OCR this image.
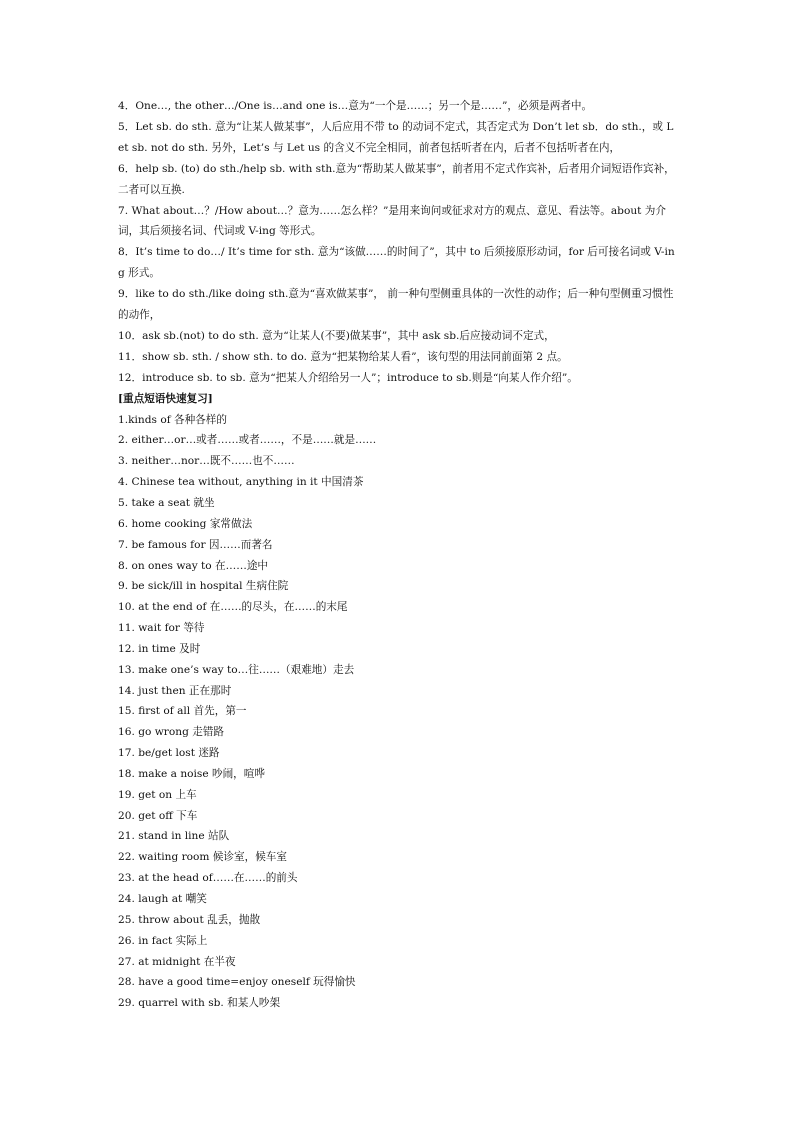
4．One…, the other…/One is…and one is…意为“一个是……；另一个是……”，必须是两者中。

5．Let sb. do sth. 意为“让某人做某事”，人后应用不带 to 的动词不定式，其否定式为 Don’t let sb．do sth.，或 Let sb. not do sth. 另外，Let’s 与 Let us 的含义不完全相同，前者包括听者在内，后者不包括听者在内，

6．help sb. (to) do sth./help sb. with sth.意为“帮助某人做某事”，前者用不定式作宾补，后者用介词短语作宾补，二者可以互换.

7. What about…？/How about…？意为……怎么样？”是用来询问或征求对方的观点、意见、看法等。about 为介词，其后须接名词、代词或 V-ing 等形式。

8．It’s time to do…/ It’s time for sth. 意为“该做……的时间了”，其中 to 后须接原形动词，for 后可接名词或 V-ing 形式。

9．like to do sth./like doing sth.意为“喜欢做某事”， 前一种句型侧重具体的一次性的动作；后一种句型侧重习惯性的动作，

10．ask sb.(not) to do sth. 意为“让某人(不要)做某事”，其中 ask sb.后应接动词不定式，

11．show sb. sth. / show sth. to do. 意为“把某物给某人看”，该句型的用法同前面第 2 点。

12．introduce sb. to sb. 意为“把某人介绍给另一人”；introduce to sb.则是“向某人作介绍”。

[重点短语快速复习]

1.kinds of 各种各样的

2. either…or…或者……或者……，不是……就是……

3. neither…nor…既不……也不……

4. Chinese tea without, anything in it 中国清茶

5. take a seat 就坐

6. home cooking 家常做法

7. be famous for 因……而著名

8. on ones way to 在……途中

9. be sick/ill in hospital 生病住院

10. at the end of 在……的尽头，在……的末尾

11. wait for 等待

12. in time 及时

13. make one’s way to…往……（艰难地）走去

14. just then 正在那时

15. first of all 首先，第一

16. go wrong 走错路

17. be/get lost 迷路

18. make a noise 吵闹，喧哗

19. get on 上车

20. get off 下车

21. stand in line 站队

22. waiting room 候诊室，候车室

23. at the head of……在……的前头

24. laugh at 嘲笑

25. throw about 乱丢，抛散

26. in fact 实际上

27. at midnight 在半夜

28. have a good time=enjoy oneself 玩得愉快

29. quarrel with sb. 和某人吵架
